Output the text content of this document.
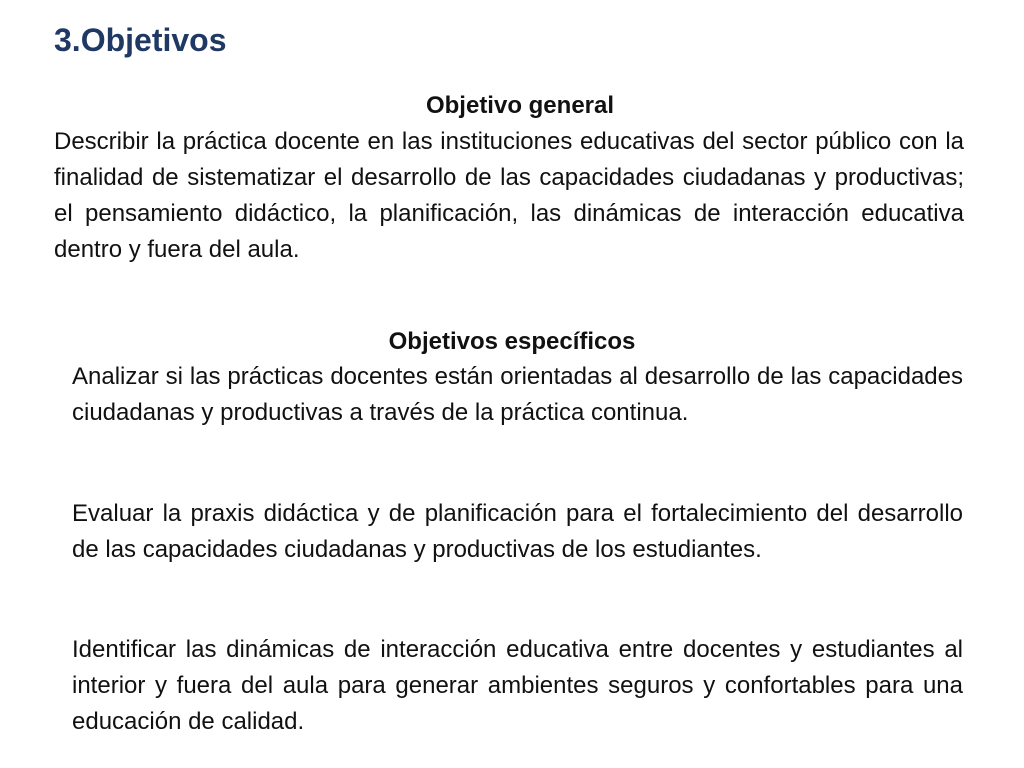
3.Objetivos
Objetivo general

Describir la práctica docente en las instituciones educativas del sector público con la finalidad de sistematizar el desarrollo de las capacidades ciudadanas y productivas; el pensamiento didáctico, la planificación, las dinámicas de interacción educativa dentro y fuera del aula.

Objetivos específicos

Analizar si las prácticas docentes están orientadas al desarrollo de las capacidades ciudadanas y productivas a través de la práctica continua.

Evaluar la praxis didáctica y de planificación para el fortalecimiento del desarrollo de las capacidades ciudadanas y productivas de los estudiantes.

Identificar las dinámicas de interacción educativa entre docentes y estudiantes al interior y fuera del aula para generar ambientes seguros y confortables para una educación de calidad.
